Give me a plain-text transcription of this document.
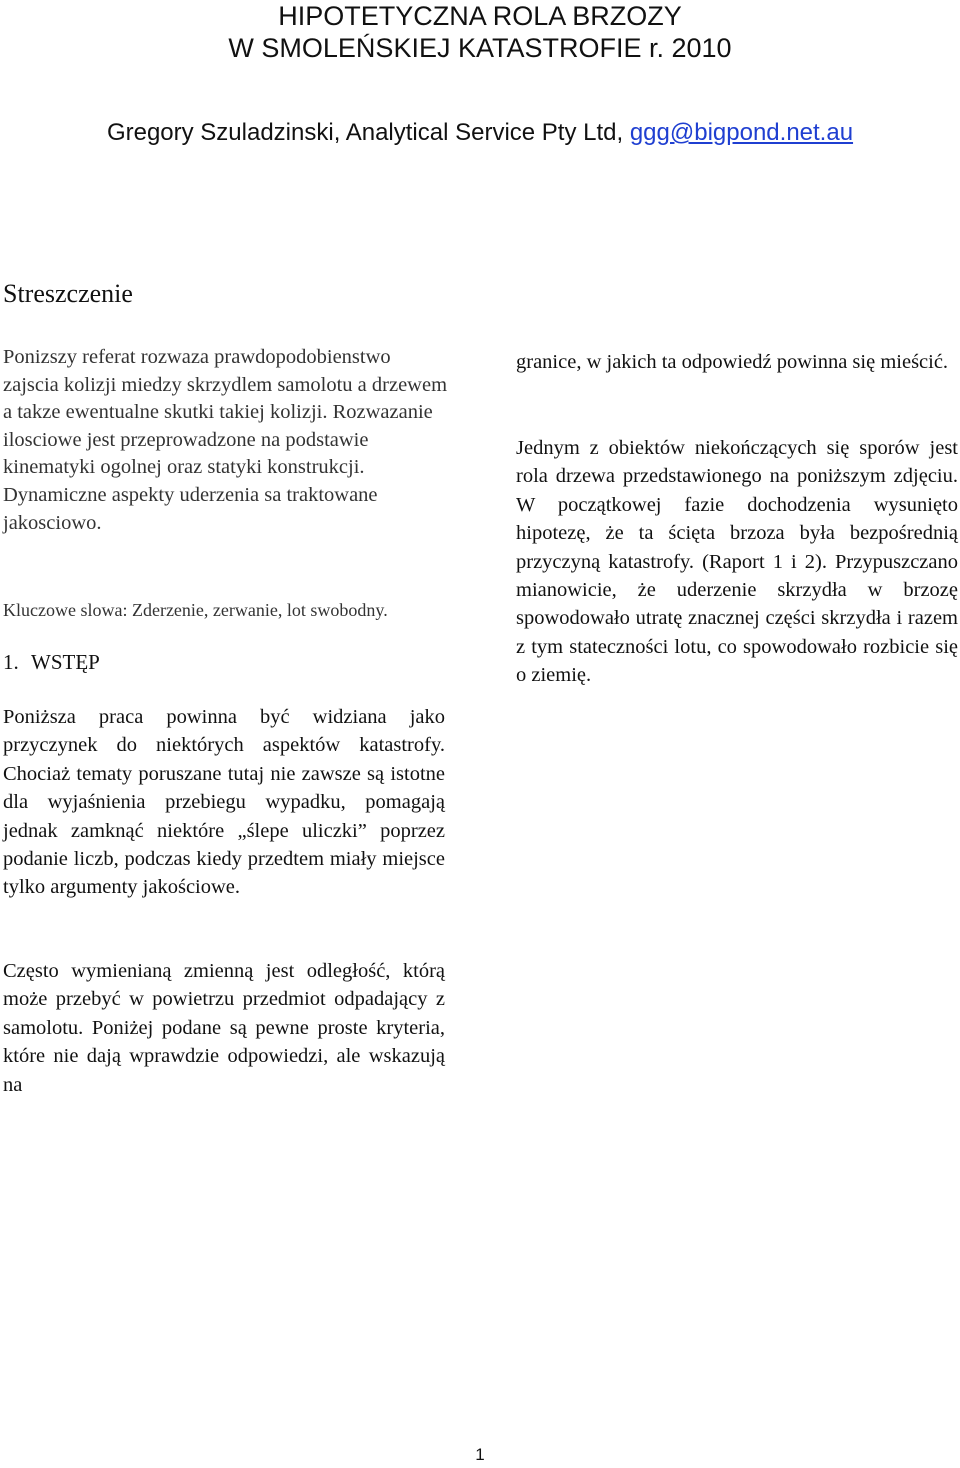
HIPOTETYCZNA ROLA BRZOZY
W SMOLEŃSKIEJ KATASTROFIE r. 2010
Gregory Szuladzinski, Analytical Service Pty Ltd, ggg@bigpond.net.au
Streszczenie

Ponizszy referat rozwaza prawdopodobienstwo zajscia kolizji miedzy skrzydlem samolotu a drzewem a takze ewentualne skutki takiej kolizji. Rozwazanie ilosciowe jest przeprowadzone na podstawie kinematyki ogolnej oraz statyki konstrukcji. Dynamiczne aspekty uderzenia sa traktowane jakosciowo.

Kluczowe slowa: Zderzenie, zerwanie, lot swobodny.

1. WSTĘP

Poniższa praca powinna być widziana jako przyczynek do niektórych aspektów katastrofy. Chociaż tematy poruszane tutaj nie zawsze są istotne dla wyjaśnienia przebiegu wypadku, pomagają jednak zamknąć niektóre „ślepe uliczki” poprzez podanie liczb, podczas kiedy przedtem miały miejsce tylko argumenty jakościowe.

Często wymienianą zmienną jest odległość, którą może przebyć w powietrzu przedmiot odpadający z samolotu. Poniżej podane są pewne proste kryteria, które nie dają wprawdzie odpowiedzi, ale wskazują na

granice, w jakich ta odpowiedź powinna się mieścić.

Jednym z obiektów niekończących się sporów jest rola drzewa przedstawionego na poniższym zdjęciu. W początkowej fazie dochodzenia wysunięto hipotezę, że ta ścięta brzoza była bezpośrednią przyczyną katastrofy. (Raport 1 i 2). Przypuszczano mianowicie, że uderzenie skrzydła w brzozę spowodowało utratę znacznej części skrzydła i razem z tym stateczności lotu, co spowodowało rozbicie się o ziemię.

1
